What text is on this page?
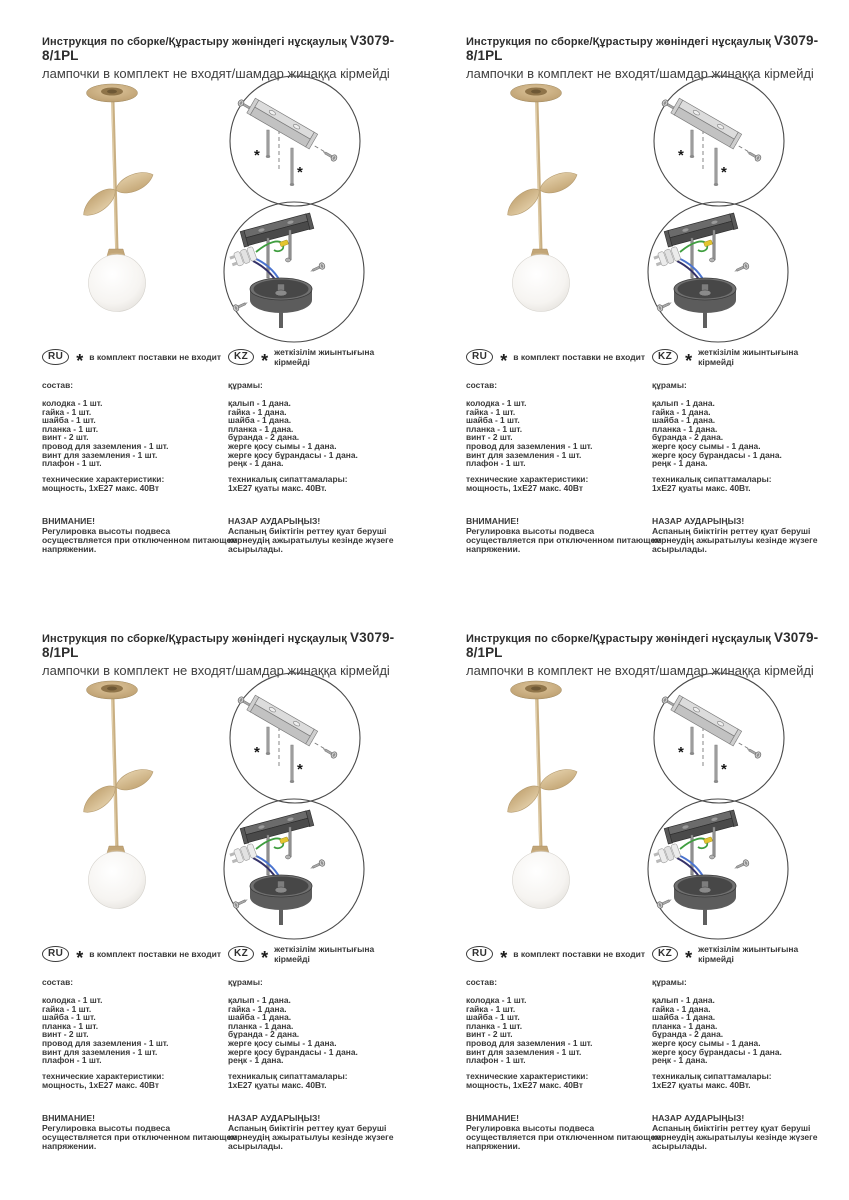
Инструкция по сборке/Құрастыру жөніндегі нұсқаулық V3079-8/1PL
лампочки в комплект не входят/шамдар жинаққа кірмейді
*
*
RU * в комплект поставки не входит
состав:
колодка - 1 шт.
гайка - 1 шт.
шайба - 1 шт.
планка - 1 шт.
винт - 2 шт.
провод для заземления - 1 шт.
винт для заземления - 1 шт.
плафон - 1 шт.
технические характеристики:
мощность, 1хЕ27 макс. 40Вт
KZ * жеткізілім жиынтығына кірмейді
құрамы:
қалып - 1 дана.
гайка - 1 дана.
шайба - 1 дана.
планка - 1 дана.
бұранда - 2 дана.
жерге қосу сымы - 1 дана.
жерге қосу бұрандасы - 1 дана.
реңк - 1 дана.
техникалық сипаттамалары:
1хЕ27 қуаты макс. 40Вт.
ВНИМАНИЕ!
Регулировка высоты подвеса осуществляется при отключенном питающем напряжении.
НАЗАР АУДАРЫҢЫЗ!
Аспаның биіктігін реттеу қуат беруші кернеудің ажыратылуы кезінде жүзеге асырылады.
Инструкция по сборке/Құрастыру жөніндегі нұсқаулық V3079-8/1PL
лампочки в комплект не входят/шамдар жинаққа кірмейді
*
*
RU * в комплект поставки не входит
состав:
колодка - 1 шт.
гайка - 1 шт.
шайба - 1 шт.
планка - 1 шт.
винт - 2 шт.
провод для заземления - 1 шт.
винт для заземления - 1 шт.
плафон - 1 шт.
технические характеристики:
мощность, 1хЕ27 макс. 40Вт
KZ * жеткізілім жиынтығына кірмейді
құрамы:
қалып - 1 дана.
гайка - 1 дана.
шайба - 1 дана.
планка - 1 дана.
бұранда - 2 дана.
жерге қосу сымы - 1 дана.
жерге қосу бұрандасы - 1 дана.
реңк - 1 дана.
техникалық сипаттамалары:
1хЕ27 қуаты макс. 40Вт.
ВНИМАНИЕ!
Регулировка высоты подвеса осуществляется при отключенном питающем напряжении.
НАЗАР АУДАРЫҢЫЗ!
Аспаның биіктігін реттеу қуат беруші кернеудің ажыратылуы кезінде жүзеге асырылады.
Инструкция по сборке/Құрастыру жөніндегі нұсқаулық V3079-8/1PL
лампочки в комплект не входят/шамдар жинаққа кірмейді
*
*
RU * в комплект поставки не входит
состав:
колодка - 1 шт.
гайка - 1 шт.
шайба - 1 шт.
планка - 1 шт.
винт - 2 шт.
провод для заземления - 1 шт.
винт для заземления - 1 шт.
плафон - 1 шт.
технические характеристики:
мощность, 1хЕ27 макс. 40Вт
KZ * жеткізілім жиынтығына кірмейді
құрамы:
қалып - 1 дана.
гайка - 1 дана.
шайба - 1 дана.
планка - 1 дана.
бұранда - 2 дана.
жерге қосу сымы - 1 дана.
жерге қосу бұрандасы - 1 дана.
реңк - 1 дана.
техникалық сипаттамалары:
1хЕ27 қуаты макс. 40Вт.
ВНИМАНИЕ!
Регулировка высоты подвеса осуществляется при отключенном питающем напряжении.
НАЗАР АУДАРЫҢЫЗ!
Аспаның биіктігін реттеу қуат беруші кернеудің ажыратылуы кезінде жүзеге асырылады.
Инструкция по сборке/Құрастыру жөніндегі нұсқаулық V3079-8/1PL
лампочки в комплект не входят/шамдар жинаққа кірмейді
*
*
RU * в комплект поставки не входит
состав:
колодка - 1 шт.
гайка - 1 шт.
шайба - 1 шт.
планка - 1 шт.
винт - 2 шт.
провод для заземления - 1 шт.
винт для заземления - 1 шт.
плафон - 1 шт.
технические характеристики:
мощность, 1хЕ27 макс. 40Вт
KZ * жеткізілім жиынтығына кірмейді
құрамы:
қалып - 1 дана.
гайка - 1 дана.
шайба - 1 дана.
планка - 1 дана.
бұранда - 2 дана.
жерге қосу сымы - 1 дана.
жерге қосу бұрандасы - 1 дана.
реңк - 1 дана.
техникалық сипаттамалары:
1хЕ27 қуаты макс. 40Вт.
ВНИМАНИЕ!
Регулировка высоты подвеса осуществляется при отключенном питающем напряжении.
НАЗАР АУДАРЫҢЫЗ!
Аспаның биіктігін реттеу қуат беруші кернеудің ажыратылуы кезінде жүзеге асырылады.
